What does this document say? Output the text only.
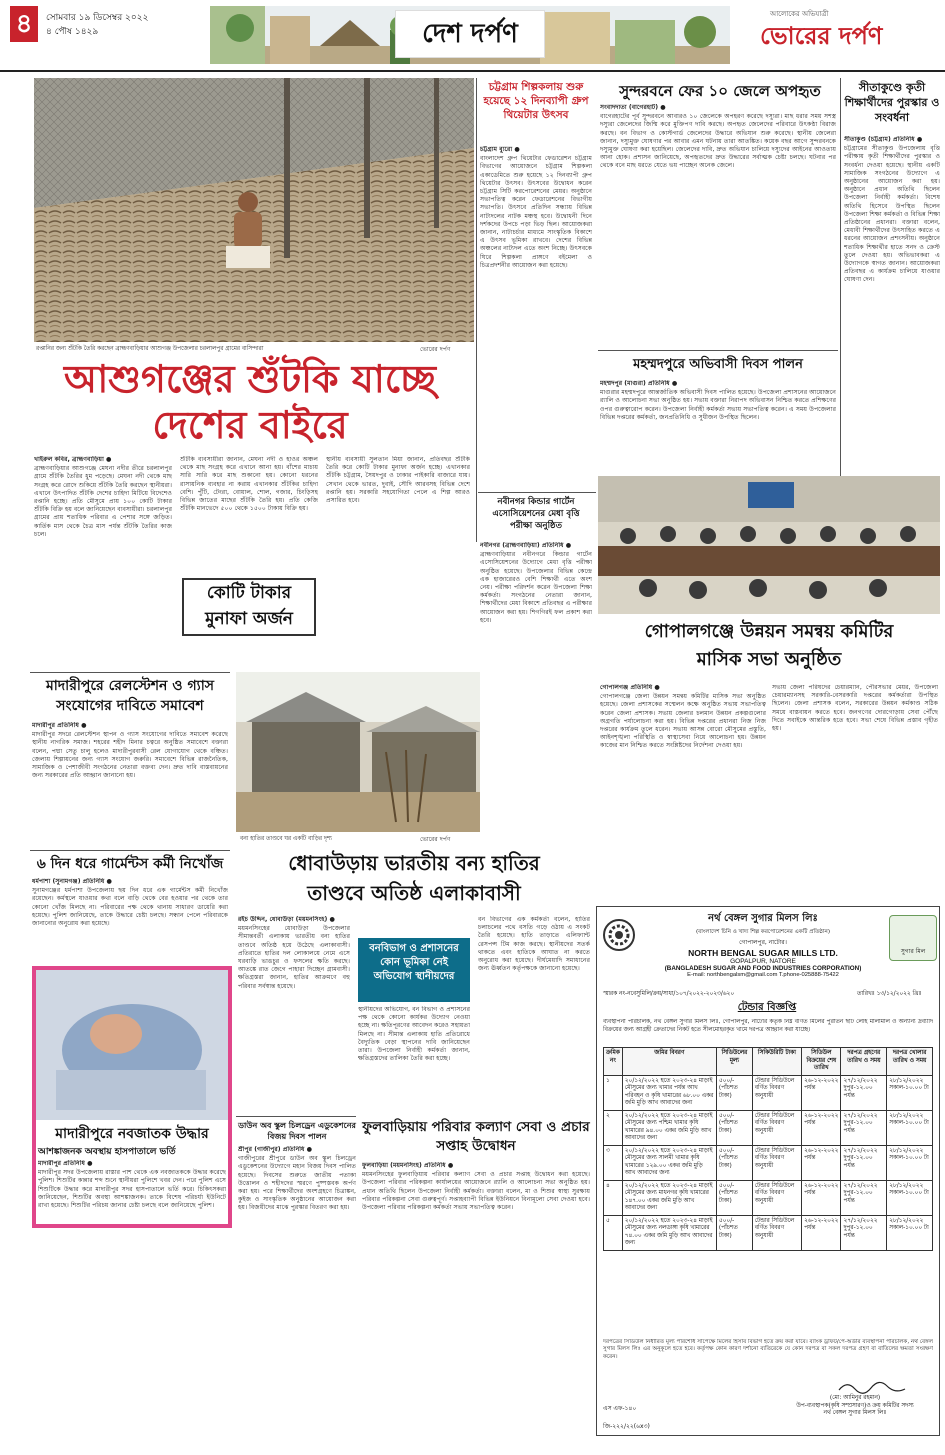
৪	সোমবার ১৯ ডিসেম্বর ২০২২
৪ পৌষ ১৪২৯	দেশ দর্পণ
আলোকের অভিযাত্রী
ভোরের দর্পণ
রপ্তানির জন্য শুঁটকি তৈরি করছেন ব্রাহ্মণবাড়িয়ার আশুগঞ্জ উপজেলার চরলালপুর গ্রামের বাসিন্দারা	ভোরের দর্পণ
আশুগঞ্জের শুঁটকি যাচ্ছে
দেশের বাইরে
খাইরুল কবির, ব্রাহ্মণবাড়িয়া ●
ব্রাহ্মণবাড়িয়ার আশুগঞ্জে মেঘনা নদীর তীরে চরলালপুর গ্রামে শুঁটকি তৈরির ধুম পড়েছে। মেঘনা নদী থেকে মাছ সংগ্রহ করে রোদে শুকিয়ে শুঁটকি তৈরি করছেন স্থানীয়রা। এখানে উৎপাদিত শুঁটকি দেশের চাহিদা মিটিয়ে বিদেশেও রপ্তানি হচ্ছে। প্রতি মৌসুমে প্রায় ১০০ কোটি টাকার শুঁটকি বিক্রি হয় বলে জানিয়েছেন ব্যবসায়ীরা। চরলালপুর গ্রামের প্রায় শতাধিক পরিবার এ পেশার সঙ্গে জড়িত। কার্তিক মাস থেকে চৈত্র মাস পর্যন্ত শুঁটকি তৈরির কাজ চলে।
শুঁটকি ব্যবসায়ীরা জানান, মেঘনা নদী ও হাওর অঞ্চল থেকে মাছ সংগ্রহ করে এখানে আনা হয়। বাঁশের মাচায় সারি সারি করে মাছ শুকানো হয়। কোনো ধরনের রাসায়নিক ব্যবহার না করায় এখানকার শুঁটকির চাহিদা বেশি। পুঁটি, টেংরা, বোয়াল, শোল, গজার, চিংড়িসহ বিভিন্ন জাতের মাছের শুঁটকি তৈরি হয়। প্রতি কেজি শুঁটকি মানভেদে ৫০০ থেকে ১৫০০ টাকায় বিক্রি হয়।
কোটি টাকার
মুনাফা অর্জন
স্থানীয় ব্যবসায়ী সুলতান মিয়া জানান, প্রতিবছর শুঁটকি তৈরি করে কোটি টাকার মুনাফা অর্জন হচ্ছে। এখানকার শুঁটকি চট্টগ্রাম, সৈয়দপুর ও ঢাকার পাইকারি বাজারে যায়। সেখান থেকে ভারত, দুবাই, সৌদি আরবসহ বিভিন্ন দেশে রপ্তানি হয়। সরকারি সহযোগিতা পেলে এ শিল্প আরও প্রসারিত হবে।
চট্টগ্রাম শিল্পকলায় শুরু হয়েছে ১২ দিনব্যাপী গ্রুপ থিয়েটার উৎসব
চট্টগ্রাম ব্যুরো ●
বাংলাদেশ গ্রুপ থিয়েটার ফেডারেশন চট্টগ্রাম বিভাগের আয়োজনে চট্টগ্রাম শিল্পকলা একাডেমিতে শুরু হয়েছে ১২ দিনব্যাপী গ্রুপ থিয়েটার উৎসব। উৎসবের উদ্বোধন করেন চট্টগ্রাম সিটি করপোরেশনের মেয়র। অনুষ্ঠানে সভাপতিত্ব করেন ফেডারেশনের বিভাগীয় সভাপতি। উৎসবে প্রতিদিন সন্ধ্যায় বিভিন্ন নাট্যদলের নাটক মঞ্চস্থ হবে। উদ্বোধনী দিনে দর্শকদের উপচে পড়া ভিড় ছিল। আয়োজকরা জানান, নাট্যচর্চার মাধ্যমে সাংস্কৃতিক বিকাশে এ উৎসব ভূমিকা রাখবে। দেশের বিভিন্ন অঞ্চলের নাট্যদল এতে অংশ নিচ্ছে। উৎসবকে ঘিরে শিল্পকলা প্রাঙ্গণে বইমেলা ও চিত্রপ্রদর্শনীর আয়োজন করা হয়েছে।
সুন্দরবনে ফের ১০ জেলে অপহৃত
সংবাদদাতা (বাগেরহাট) ●
বাগেরহাটের পূর্ব সুন্দরবনে আবারও ১০ জেলেকে অপহরণ করেছে দস্যুরা। মাছ ধরার সময় সশস্ত্র দস্যুরা জেলেদের জিম্মি করে মুক্তিপণ দাবি করছে। অপহৃত জেলেদের পরিবারে উৎকণ্ঠা বিরাজ করছে। বন বিভাগ ও কোস্টগার্ড জেলেদের উদ্ধারে অভিযান শুরু করেছে। স্থানীয় জেলেরা জানান, দস্যুমুক্ত ঘোষণার পর আবার এমন ঘটনায় তারা আতঙ্কিত। কয়েক বছর আগে সুন্দরবনকে দস্যুমুক্ত ঘোষণা করা হয়েছিল। জেলেদের দাবি, দ্রুত অভিযান চালিয়ে দস্যুদের আইনের আওতায় আনা হোক। প্রশাসন জানিয়েছে, অপহৃতদের দ্রুত উদ্ধারের সর্বাত্মক চেষ্টা চলছে। ঘটনার পর থেকে বনে মাছ ধরতে যেতে ভয় পাচ্ছেন অনেক জেলে।
সীতাকুণ্ডে কৃতী শিক্ষার্থীদের পুরস্কার ও সংবর্ধনা
সীতাকুণ্ড (চট্টগ্রাম) প্রতিনিধি ●
চট্টগ্রামের সীতাকুণ্ড উপজেলায় বৃত্তি পরীক্ষায় কৃতী শিক্ষার্থীদের পুরস্কার ও সংবর্ধনা দেওয়া হয়েছে। স্থানীয় একটি সামাজিক সংগঠনের উদ্যোগে এ অনুষ্ঠানের আয়োজন করা হয়। অনুষ্ঠানে প্রধান অতিথি ছিলেন উপজেলা নির্বাহী কর্মকর্তা। বিশেষ অতিথি হিসেবে উপস্থিত ছিলেন উপজেলা শিক্ষা কর্মকর্তা ও বিভিন্ন শিক্ষা প্রতিষ্ঠানের প্রধানরা। বক্তারা বলেন, মেধাবী শিক্ষার্থীদের উৎসাহিত করতে এ ধরনের আয়োজন প্রশংসনীয়। অনুষ্ঠানে শতাধিক শিক্ষার্থীর হাতে সনদ ও ক্রেস্ট তুলে দেওয়া হয়। অভিভাবকরা এ উদ্যোগকে স্বাগত জানান। আয়োজকরা প্রতিবছর এ কার্যক্রম চালিয়ে যাওয়ার ঘোষণা দেন।
মহম্মদপুরে অভিবাসী দিবস পালন
মহম্মদপুর (মাগুরা) প্রতিনিধি ●
মাগুরার মহম্মদপুরে আন্তর্জাতিক অভিবাসী দিবস পালিত হয়েছে। উপজেলা প্রশাসনের আয়োজনে র‍্যালি ও আলোচনা সভা অনুষ্ঠিত হয়। সভায় বক্তারা নিরাপদ অভিবাসন নিশ্চিত করতে প্রশিক্ষণের ওপর গুরুত্বারোপ করেন। উপজেলা নির্বাহী কর্মকর্তা সভায় সভাপতিত্ব করেন। এ সময় উপজেলার বিভিন্ন দপ্তরের কর্মকর্তা, জনপ্রতিনিধি ও সুধীজন উপস্থিত ছিলেন।
নবীনগর কিন্ডার গার্টেন এসোসিয়েশনের মেধা বৃত্তি পরীক্ষা অনুষ্ঠিত
নবীনগর (ব্রাহ্মণবাড়িয়া) প্রতিনিধি ●
ব্রাহ্মণবাড়িয়ার নবীনগরে কিন্ডার গার্টেন এসোসিয়েশনের উদ্যোগে মেধা বৃত্তি পরীক্ষা অনুষ্ঠিত হয়েছে। উপজেলার বিভিন্ন কেন্দ্রে এক হাজারেরও বেশি শিক্ষার্থী এতে অংশ নেয়। পরীক্ষা পরিদর্শন করেন উপজেলা শিক্ষা কর্মকর্তা। সংগঠনের নেতারা জানান, শিক্ষার্থীদের মেধা বিকাশে প্রতিবছর এ পরীক্ষার আয়োজন করা হয়। শিগগিরই ফল প্রকাশ করা হবে।
গোপালগঞ্জে উন্নয়ন সমন্বয় কমিটির
মাসিক সভা অনুষ্ঠিত
গোপালগঞ্জ প্রতিনিধি ●
গোপালগঞ্জে জেলা উন্নয়ন সমন্বয় কমিটির মাসিক সভা অনুষ্ঠিত হয়েছে। জেলা প্রশাসকের সম্মেলন কক্ষে অনুষ্ঠিত সভায় সভাপতিত্ব করেন জেলা প্রশাসক। সভায় জেলার চলমান উন্নয়ন প্রকল্পগুলোর অগ্রগতি পর্যালোচনা করা হয়। বিভিন্ন দপ্তরের প্রধানরা নিজ নিজ দপ্তরের কার্যক্রম তুলে ধরেন। সভায় আসন্ন বোরো মৌসুমের প্রস্তুতি, আইনশৃঙ্খলা পরিস্থিতি ও স্বাস্থ্যসেবা নিয়ে আলোচনা হয়। উন্নয়ন কাজের মান নিশ্চিত করতে সংশ্লিষ্টদের নির্দেশনা দেওয়া হয়।
সভায় জেলা পরিষদের চেয়ারম্যান, পৌরসভার মেয়র, উপজেলা চেয়ারম্যানসহ সরকারি-বেসরকারি দপ্তরের কর্মকর্তারা উপস্থিত ছিলেন। জেলা প্রশাসক বলেন, সরকারের উন্নয়ন কর্মকাণ্ড সঠিক সময়ে বাস্তবায়ন করতে হবে। জনগণের দোরগোড়ায় সেবা পৌঁছে দিতে সবাইকে আন্তরিক হতে হবে। সভা শেষে বিভিন্ন প্রস্তাব গৃহীত হয়।
মাদারীপুরে রেলস্টেশন ও গ্যাস সংযোগের দাবিতে সমাবেশ
মাদারীপুর প্রতিনিধি ●
মাদারীপুর সদরে রেলস্টেশন স্থাপন ও গ্যাস সংযোগের দাবিতে সমাবেশ করেছে স্থানীয় নাগরিক সমাজ। শহরের শহীদ মিনার চত্বরে অনুষ্ঠিত সমাবেশে বক্তারা বলেন, পদ্মা সেতু চালু হলেও মাদারীপুরবাসী রেল যোগাযোগ থেকে বঞ্চিত। জেলায় শিল্পায়নের জন্য গ্যাস সংযোগ জরুরি। সমাবেশে বিভিন্ন রাজনৈতিক, সামাজিক ও পেশাজীবী সংগঠনের নেতারা বক্তব্য দেন। দ্রুত দাবি বাস্তবায়নের জন্য সরকারের প্রতি আহ্বান জানানো হয়।
বন্য হাতির তাণ্ডবে ঘর একটি বাড়ির দৃশ্য	ভোরের দর্পণ
৬ দিন ধরে গার্মেন্টস কর্মী নিখোঁজ
ধর্মপাশা (সুনামগঞ্জ) প্রতিনিধি ●
সুনামগঞ্জের ধর্মপাশা উপজেলায় ছয় দিন ধরে এক গার্মেন্টস কর্মী নিখোঁজ রয়েছেন। কর্মস্থলে যাওয়ার কথা বলে বাড়ি থেকে বের হওয়ার পর থেকে তার কোনো খোঁজ মিলছে না। পরিবারের পক্ষ থেকে থানায় সাধারণ ডায়েরি করা হয়েছে। পুলিশ জানিয়েছে, তাকে উদ্ধারে চেষ্টা চলছে। সন্ধান পেলে পরিবারকে জানানোর অনুরোধ করা হয়েছে।
ধোবাউড়ায় ভারতীয় বন্য হাতির
তাণ্ডবে অতিষ্ঠ এলাকাবাসী
রইচ উদ্দিন, ধোবাউড়া (ময়মনসিংহ) ●
ময়মনসিংহের ধোবাউড়া উপজেলার সীমান্তবর্তী এলাকায় ভারতীয় বন্য হাতির তাণ্ডবে অতিষ্ঠ হয়ে উঠেছে এলাকাবাসী। প্রতিরাতে হাতির দল লোকালয়ে নেমে এসে ঘরবাড়ি ভাঙচুর ও ফসলের ক্ষতি করছে। আতঙ্কে রাত জেগে পাহারা দিচ্ছেন গ্রামবাসী। ক্ষতিগ্রস্তরা জানান, হাতির আক্রমণে বহু পরিবার সর্বস্বান্ত হয়েছে।
বনবিভাগ ও প্রশাসনের কোন ভূমিকা নেই অভিযোগ স্থানীয়দের
স্থানীয়দের অভিযোগ, বন বিভাগ ও প্রশাসনের পক্ষ থেকে কোনো কার্যকর উদ্যোগ নেওয়া হচ্ছে না। ক্ষতিপূরণের আবেদন করেও সহায়তা মিলছে না। সীমান্ত এলাকায় হাতি প্রতিরোধে বৈদ্যুতিক বেড়া স্থাপনের দাবি জানিয়েছেন তারা। উপজেলা নির্বাহী কর্মকর্তা জানান, ক্ষতিগ্রস্তদের তালিকা তৈরি করা হচ্ছে।
বন বিভাগের এক কর্মকর্তা বলেন, হাতির চলাচলের পথে বসতি গড়ে ওঠায় এ সংকট তৈরি হয়েছে। হাতি তাড়াতে এলিফ্যান্ট রেসপন্স টিম কাজ করছে। স্থানীয়দের সতর্ক থাকতে এবং হাতিকে আঘাত না করতে অনুরোধ করা হয়েছে। দীর্ঘমেয়াদি সমাধানের জন্য ঊর্ধ্বতন কর্তৃপক্ষকে জানানো হয়েছে।
মাদারীপুরে নবজাতক উদ্ধার
আশঙ্কাজনক অবস্থায় হাসপাতালে ভর্তি
মাদারীপুর প্রতিনিধি ●
মাদারীপুর সদর উপজেলায় রাস্তার পাশ থেকে এক নবজাতককে উদ্ধার করেছে পুলিশ। শিশুটির কান্নার শব্দ শুনে স্থানীয়রা পুলিশে খবর দেন। পরে পুলিশ এসে শিশুটিকে উদ্ধার করে মাদারীপুর সদর হাসপাতালে ভর্তি করে। চিকিৎসকরা জানিয়েছেন, শিশুটির অবস্থা আশঙ্কাজনক। তাকে বিশেষ পরিচর্যা ইউনিটে রাখা হয়েছে। শিশুটির পরিচয় জানার চেষ্টা চলছে বলে জানিয়েছে পুলিশ।
ডাউন অব স্কুল চিলড্রেন এডুকেশনের বিজয় দিবস পালন
শ্রীপুর (গাজীপুর) প্রতিনিধি ●
গাজীপুরের শ্রীপুরে ডাউন অব স্কুল চিলড্রেন এডুকেশনের উদ্যোগে মহান বিজয় দিবস পালিত হয়েছে। দিবসের শুরুতে জাতীয় পতাকা উত্তোলন ও শহীদদের স্মরণে পুষ্পস্তবক অর্পণ করা হয়। পরে শিক্ষার্থীদের অংশগ্রহণে চিত্রাঙ্কন, কুইজ ও সাংস্কৃতিক অনুষ্ঠানের আয়োজন করা হয়। বিজয়ীদের মাঝে পুরস্কার বিতরণ করা হয়।
ফুলবাড়িয়ায় পরিবার কল্যাণ সেবা ও প্রচার সপ্তাহ উদ্বোধন
ফুলবাড়িয়া (ময়মনসিংহ) প্রতিনিধি ●
ময়মনসিংহের ফুলবাড়িয়ায় পরিবার কল্যাণ সেবা ও প্রচার সপ্তাহ উদ্বোধন করা হয়েছে। উপজেলা পরিবার পরিকল্পনা কার্যালয়ের আয়োজনে র‍্যালি ও আলোচনা সভা অনুষ্ঠিত হয়। প্রধান অতিথি ছিলেন উপজেলা নির্বাহী কর্মকর্তা। বক্তারা বলেন, মা ও শিশুর স্বাস্থ্য সুরক্ষায় পরিবার পরিকল্পনা সেবা গুরুত্বপূর্ণ। সপ্তাহব্যাপী বিভিন্ন ইউনিয়নে বিনামূল্যে সেবা দেওয়া হবে। উপজেলা পরিবার পরিকল্পনা কর্মকর্তা সভায় সভাপতিত্ব করেন।
সুগার মিল
নর্থ বেঙ্গল সুগার মিলস লিঃ
(বাংলাদেশ চিনি ও খাদ্য শিল্প করপোরেশনের একটি প্রতিষ্ঠান)
গোপালপুর, নাটোর।
NORTH BENGAL SUGAR MILLS LTD.
GOPALPUR, NATORE
(BANGLADESH SUGAR AND FOOD INDUSTRIES CORPORATION)
E-mail: northbengalsm@gmail.com T.phone-025888-75422
স্মারক নং-নবেসুমিলি/ক্রয়/সাধা/১০৭/২০২২-২০২৩/৬২০	তারিখঃ ১৩/১২/২০২২ খ্রিঃ
টেন্ডার বিজ্ঞপ্তি
ব্যবস্থাপনা পরিচালক, নর্থ বেঙ্গল সুগার মিলস লিঃ, গোপালপুর, নাটোর কর্তৃক নিম্ন বর্ণিত মিলের পুরাতন ছাঁট লৌহ মালামাল ও অন্যান্য দ্রব্যাদি বিক্রয়ের জন্য আগ্রহী ক্রেতাদের নিকট হতে সীলমোহরকৃত খামে দরপত্র আহ্বান করা যাচ্ছে।
ক্রমিক নং	জমির বিবরণ	সিডিউলের মূল্য	সিকিউরিটি টাকা	সিডিউল বিক্রয়ের শেষ তারিখ	দরপত্র গ্রহণের তারিখ ও সময়	দরপত্র খোলার তারিখ ও সময়
১	২০/১২/২০২২ হতে ২০২৩-২৪ মাড়াই মৌসুমের জন্য খামার পর্যন্ত আখ পরিবহন ও কৃষি খামারের ৬৮.০০ একর জমি মুড়ি আখ আবাদের জন্য	৫০০/- (পাঁচশত টাকা)	টেন্ডার সিডিউলে বর্ণিত বিবরণ অনুযায়ী	২৬-১২-২০২২ পর্যন্ত	২৭/১২/২০২২ দুপুর-১২.০০ পর্যন্ত	২৮/১২/২০২২ সকাল-১০.০০ টা
২	২০/১২/২০২২ হতে ২০২৩-২৪ মাড়াই মৌসুমের জন্য পশ্চিম খামার কৃষি খামারের ৯৪.০০ একর জমি মুড়ি আখ আবাদের জন্য	৫০০/- (পাঁচশত টাকা)	টেন্ডার সিডিউলে বর্ণিত বিবরণ অনুযায়ী	২৬-১২-২০২২ পর্যন্ত	২৭/১২/২০২২ দুপুর-১২.০০ পর্যন্ত	২৮/১২/২০২২ সকাল-১০.০০ টা
৩	২০/১২/২০২২ হতে ২০২৩-২৪ মাড়াই মৌসুমের জন্য সালমী খামার কৃষি খামারের ১২৯.০০ একর জমি মুড়ি আখ আবাদের জন্য	৫০০/- (পাঁচশত টাকা)	টেন্ডার সিডিউলে বর্ণিত বিবরণ অনুযায়ী	২৬-১২-২০২২ পর্যন্ত	২৭/১২/২০২২ দুপুর-১২.০০ পর্যন্ত	২৮/১২/২০২২ সকাল-১০.০০ টা
৪	২০/১২/২০২২ হতে ২০২৩-২৪ মাড়াই মৌসুমের জন্য মাধনগর কৃষি খামারের ১৪৭.০০ একর জমি মুড়ি আখ আবাদের জন্য	৫০০/- (পাঁচশত টাকা)	টেন্ডার সিডিউলে বর্ণিত বিবরণ অনুযায়ী	২৬-১২-২০২২ পর্যন্ত	২৭/১২/২০২২ দুপুর-১২.০০ পর্যন্ত	২৮/১২/২০২২ সকাল-১০.০০ টা
৫	২০/১২/২০২২ হতে ২০২৩-২৪ মাড়াই মৌসুমের জন্য নলডাঙ্গা কৃষি খামারের ৭৪.০০ একর জমি মুড়ি আখ আবাদের জন্য	৫০০/- (পাঁচশত টাকা)	টেন্ডার সিডিউলে বর্ণিত বিবরণ অনুযায়ী	২৬-১২-২০২২ পর্যন্ত	২৭/১২/২০২২ দুপুর-১২.০০ পর্যন্ত	২৮/১২/২০২২ সকাল-১০.০০ টা
দরপত্রের সিডিউল নির্ধারিত মূল্য পরিশোধ সাপেক্ষে মিলের হিসাব বিভাগ হতে ক্রয় করা যাবে। ব্যাংক ড্রাফট/পে-অর্ডার ব্যবস্থাপনা পরিচালক, নর্থ বেঙ্গল সুগার মিলস লিঃ এর অনুকূলে হতে হবে। কর্তৃপক্ষ কোন কারণ দর্শানো ব্যতিরেকে যে কোন দরপত্র বা সকল দরপত্র গ্রহণ বা বাতিলের ক্ষমতা সংরক্ষণ করেন।
(মো: আমিনুর রহমান)
উপ-ব্যবস্থাপক(কৃষি সম্প্রসারণ)ও ক্রয় কমিটির সদস্য
নর্থ বেঙ্গল সুগার মিলস লিঃ
এস এফ-১৪০
জি-২২২/২২(৬x৩)
